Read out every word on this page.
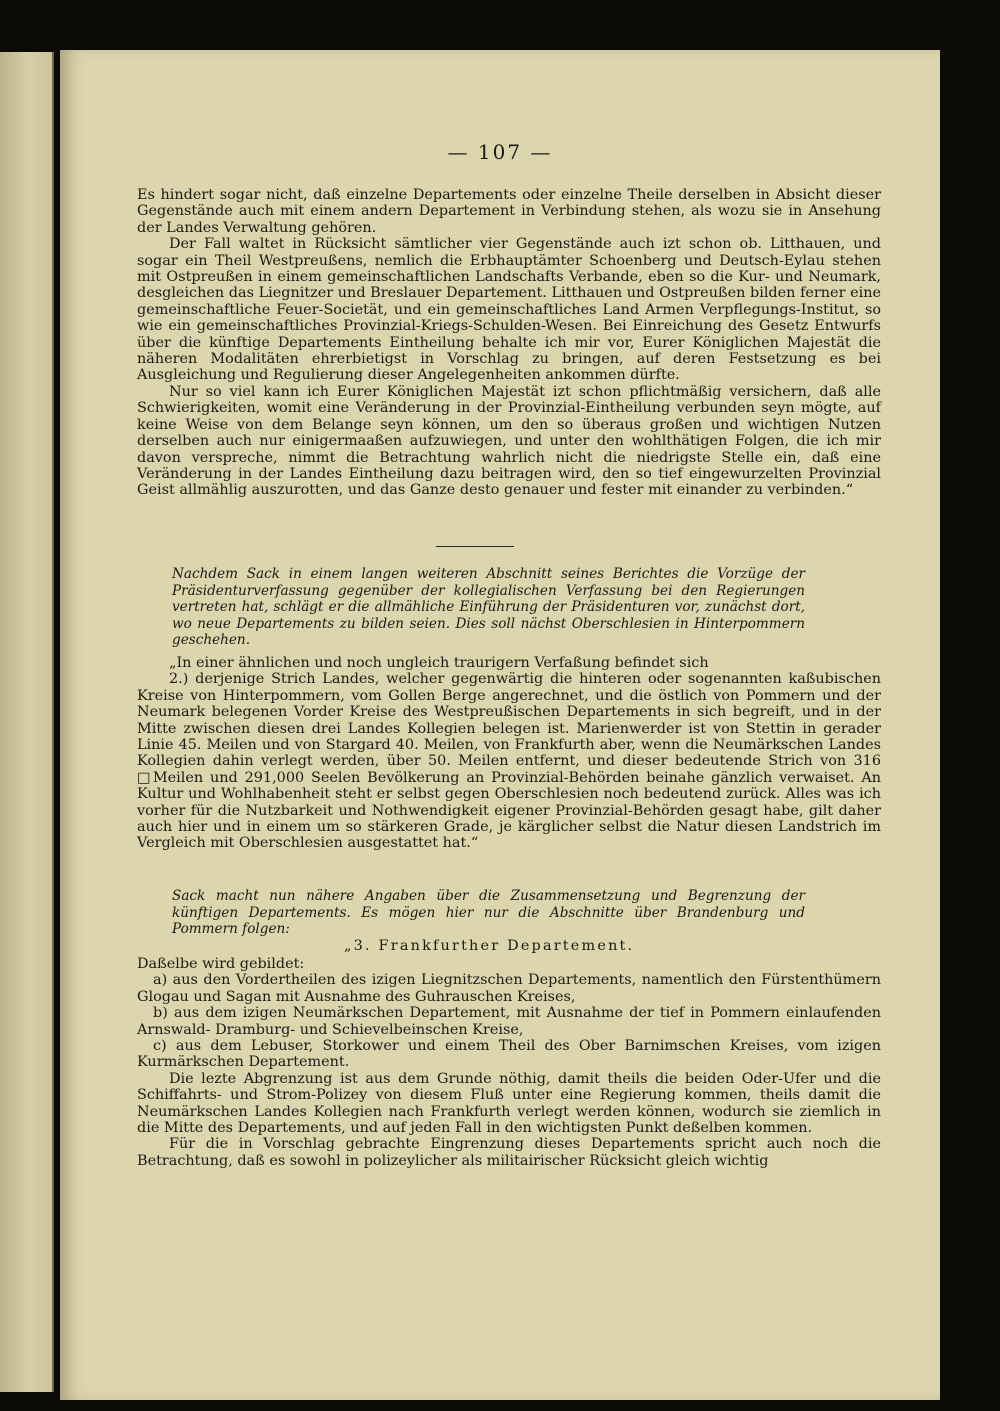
— 107 —

Es hindert sogar nicht, daß einzelne Departements oder einzelne Theile derselben in Absicht dieser Gegenstände auch mit einem andern Departement in Verbindung stehen, als wozu sie in Ansehung der Landes Verwaltung gehören.

Der Fall waltet in Rücksicht sämtlicher vier Gegenstände auch izt schon ob. Litthauen, und sogar ein Theil Westpreußens, nemlich die Erbhauptämter Schoenberg und Deutsch-Eylau stehen mit Ostpreußen in einem gemeinschaftlichen Landschafts Verbande, eben so die Kur- und Neumark, desgleichen das Liegnitzer und Breslauer Departement. Litthauen und Ostpreußen bilden ferner eine gemeinschaftliche Feuer-Societät, und ein gemeinschaftliches Land Armen Verpflegungs-Institut, so wie ein gemeinschaftliches Provinzial-Kriegs-Schulden-Wesen. Bei Einreichung des Gesetz Entwurfs über die künftige Departements Eintheilung behalte ich mir vor, Eurer Königlichen Majestät die näheren Modalitäten ehrerbietigst in Vorschlag zu bringen, auf deren Festsetzung es bei Ausgleichung und Regulierung dieser Angelegenheiten ankommen dürfte.

Nur so viel kann ich Eurer Königlichen Majestät izt schon pflichtmäßig versichern, daß alle Schwierigkeiten, womit eine Veränderung in der Provinzial-Eintheilung verbunden seyn mögte, auf keine Weise von dem Belange seyn können, um den so überaus großen und wichtigen Nutzen derselben auch nur einigermaaßen aufzuwiegen, und unter den wohlthätigen Folgen, die ich mir davon verspreche, nimmt die Betrachtung wahrlich nicht die niedrigste Stelle ein, daß eine Veränderung in der Landes Eintheilung dazu beitragen wird, den so tief eingewurzelten Provinzial Geist allmählig auszurotten, und das Ganze desto genauer und fester mit einander zu verbinden.“

Nachdem Sack in einem langen weiteren Abschnitt seines Berichtes die Vorzüge der Präsidenturverfassung gegenüber der kollegialischen Verfassung bei den Regierungen vertreten hat, schlägt er die allmähliche Einführung der Präsidenturen vor, zunächst dort, wo neue Departements zu bilden seien. Dies soll nächst Oberschlesien in Hinterpommern geschehen.

„In einer ähnlichen und noch ungleich traurigern Verfaßung befindet sich

2.) derjenige Strich Landes, welcher gegenwärtig die hinteren oder sogenannten kaßubischen Kreise von Hinterpommern, vom Gollen Berge angerechnet, und die östlich von Pommern und der Neumark belegenen Vorder Kreise des Westpreußischen Departements in sich begreift, und in der Mitte zwischen diesen drei Landes Kollegien belegen ist. Marienwerder ist von Stettin in gerader Linie 45. Meilen und von Stargard 40. Meilen, von Frankfurth aber, wenn die Neumärkschen Landes Kollegien dahin verlegt werden, über 50. Meilen entfernt, und dieser bedeutende Strich von 316 □Meilen und 291,000 Seelen Bevölkerung an Provinzial-Behörden beinahe gänzlich verwaiset. An Kultur und Wohlhabenheit steht er selbst gegen Oberschlesien noch bedeutend zurück. Alles was ich vorher für die Nutzbarkeit und Nothwendigkeit eigener Provinzial-Behörden gesagt habe, gilt daher auch hier und in einem um so stärkeren Grade, je kärglicher selbst die Natur diesen Landstrich im Vergleich mit Oberschlesien ausgestattet hat.“

Sack macht nun nähere Angaben über die Zusammensetzung und Begrenzung der künftigen Departements. Es mögen hier nur die Abschnitte über Brandenburg und Pommern folgen:
„3. Frankfurther Departement.

Daßelbe wird gebildet:

a) aus den Vordertheilen des izigen Liegnitzschen Departements, namentlich den Fürstenthümern Glogau und Sagan mit Ausnahme des Guhrauschen Kreises,

b) aus dem izigen Neumärkschen Departement, mit Ausnahme der tief in Pommern einlaufenden Arnswald- Dramburg- und Schievelbeinschen Kreise,

c) aus dem Lebuser, Storkower und einem Theil des Ober Barnimschen Kreises, vom izigen Kurmärkschen Departement.

Die lezte Abgrenzung ist aus dem Grunde nöthig, damit theils die beiden Oder-Ufer und die Schiffahrts- und Strom-Polizey von diesem Fluß unter eine Regierung kommen, theils damit die Neumärkschen Landes Kollegien nach Frankfurth verlegt werden können, wodurch sie ziemlich in die Mitte des Departements, und auf jeden Fall in den wichtigsten Punkt deßelben kommen.

Für die in Vorschlag gebrachte Eingrenzung dieses Departements spricht auch noch die Betrachtung, daß es sowohl in polizeylicher als militairischer Rücksicht gleich wichtig
